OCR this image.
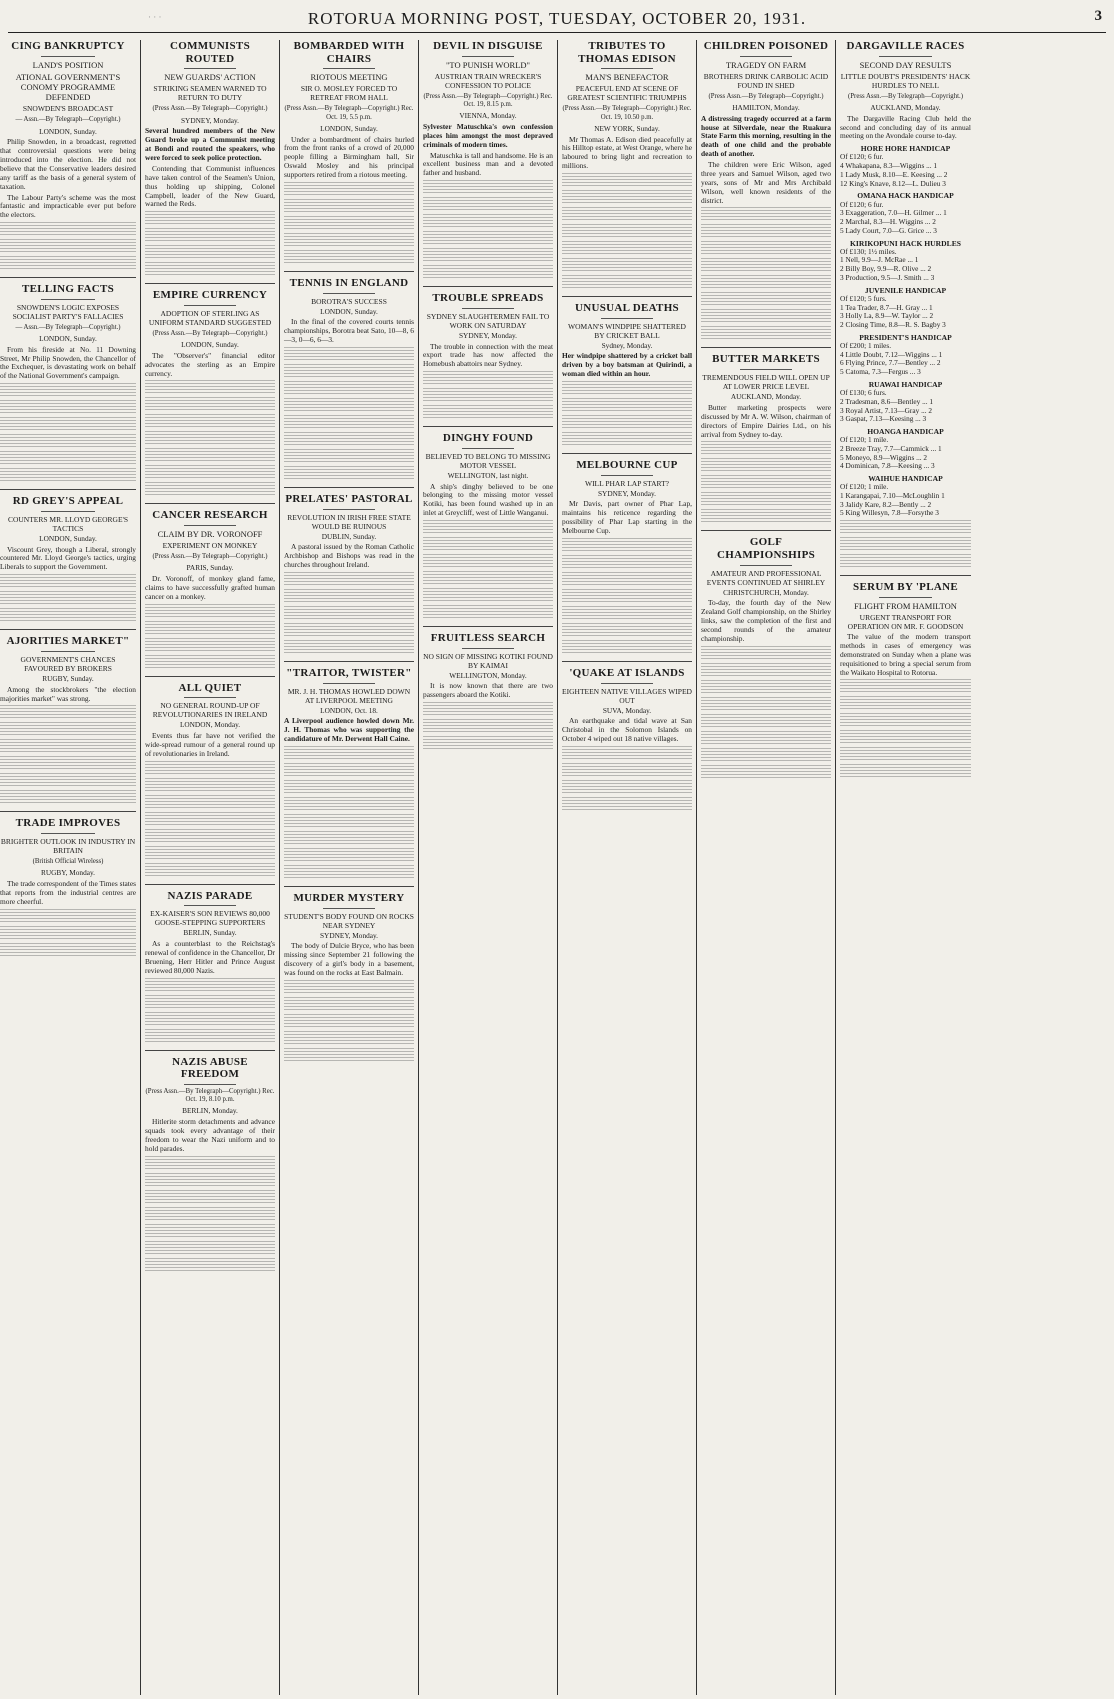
· · ·	ROTORUA MORNING POST, TUESDAY, OCTOBER 20, 1931.	3
CING BANKRUPTCY
LAND'S POSITION
ATIONAL GOVERNMENT'S CONOMY PROGRAMME DEFENDED
SNOWDEN'S BROADCAST
— Assn.—By Telegraph—Copyright.)
LONDON, Sunday.

Philip Snowden, in a broadcast, regretted that controversial questions were being introduced into the election. He did not believe that the Conservative leaders desired any tariff as the basis of a general system of taxation.

The Labour Party's scheme was the most fantastic and impracticable ever put before the electors.

TELLING FACTS
SNOWDEN'S LOGIC EXPOSES SOCIALIST PARTY'S FALLACIES
— Assn.—By Telegraph—Copyright.)
LONDON, Sunday.

From his fireside at No. 11 Downing Street, Mr Philip Snowden, the Chancellor of the Exchequer, is devastating work on behalf of the National Government's campaign.

RD GREY'S APPEAL
COUNTERS MR. LLOYD GEORGE'S TACTICS
LONDON, Sunday.

Viscount Grey, though a Liberal, strongly countered Mr. Lloyd George's tactics, urging Liberals to support the Government.

AJORITIES MARKET"
GOVERNMENT'S CHANCES FAVOURED BY BROKERS
RUGBY, Sunday.

Among the stockbrokers "the election majorities market" was strong.

TRADE IMPROVES
BRIGHTER OUTLOOK IN INDUSTRY IN BRITAIN
(British Official Wireless)
RUGBY, Monday.

The trade correspondent of the Times states that reports from the industrial centres are more cheerful.

COMMUNISTS ROUTED
NEW GUARDS' ACTION
STRIKING SEAMEN WARNED TO RETURN TO DUTY
(Press Assn.—By Telegraph—Copyright.)
SYDNEY, Monday.
Several hundred members of the New Guard broke up a Communist meeting at Bondi and routed the speakers, who were forced to seek police protection.

Contending that Communist influences have taken control of the Seamen's Union, thus holding up shipping, Colonel Campbell, leader of the New Guard, warned the Reds.

EMPIRE CURRENCY
ADOPTION OF STERLING AS UNIFORM STANDARD SUGGESTED
(Press Assn.—By Telegraph—Copyright.)
LONDON, Sunday.

The "Observer's" financial editor advocates the sterling as an Empire currency.

CANCER RESEARCH
CLAIM BY DR. VORONOFF
EXPERIMENT ON MONKEY
(Press Assn.—By Telegraph—Copyright.)
PARIS, Sunday.

Dr. Voronoff, of monkey gland fame, claims to have successfully grafted human cancer on a monkey.

ALL QUIET
NO GENERAL ROUND-UP OF REVOLUTIONARIES IN IRELAND
LONDON, Monday.

Events thus far have not verified the wide-spread rumour of a general round up of revolutionaries in Ireland.

NAZIS PARADE
EX-KAISER'S SON REVIEWS 80,000 GOOSE-STEPPING SUPPORTERS
BERLIN, Sunday.

As a counterblast to the Reichstag's renewal of confidence in the Chancellor, Dr Bruening, Herr Hitler and Prince August reviewed 80,000 Nazis.

NAZIS ABUSE FREEDOM
(Press Assn.—By Telegraph—Copyright.) Rec. Oct. 19, 8.10 p.m.
BERLIN, Monday.

Hitlerite storm detachments and advance squads took every advantage of their freedom to wear the Nazi uniform and to hold parades.

BOMBARDED WITH CHAIRS
RIOTOUS MEETING
SIR O. MOSLEY FORCED TO RETREAT FROM HALL
(Press Assn.—By Telegraph—Copyright.) Rec. Oct. 19, 5.5 p.m.
LONDON, Sunday.

Under a bombardment of chairs hurled from the front ranks of a crowd of 20,000 people filling a Birmingham hall, Sir Oswald Mosley and his principal supporters retired from a riotous meeting.

TENNIS IN ENGLAND
BOROTRA'S SUCCESS
LONDON, Sunday.

In the final of the covered courts tennis championships, Borotra beat Sato, 10—8, 6—3, 0—6, 6—3.

PRELATES' PASTORAL
REVOLUTION IN IRISH FREE STATE WOULD BE RUINOUS
DUBLIN, Sunday.

A pastoral issued by the Roman Catholic Archbishop and Bishops was read in the churches throughout Ireland.

"TRAITOR, TWISTER"
MR. J. H. THOMAS HOWLED DOWN AT LIVERPOOL MEETING
LONDON, Oct. 18.
A Liverpool audience howled down Mr. J. H. Thomas who was supporting the candidature of Mr. Derwent Hall Caine.
MURDER MYSTERY
STUDENT'S BODY FOUND ON ROCKS NEAR SYDNEY
SYDNEY, Monday.

The body of Dulcie Bryce, who has been missing since September 21 following the discovery of a girl's body in a basement, was found on the rocks at East Balmain.

DEVIL IN DISGUISE
"TO PUNISH WORLD"
AUSTRIAN TRAIN WRECKER'S CONFESSION TO POLICE
(Press Assn.—By Telegraph—Copyright.) Rec. Oct. 19, 8.15 p.m.
VIENNA, Monday.
Sylvester Matuschka's own confession places him amongst the most depraved criminals of modern times.

Matuschka is tall and handsome. He is an excellent business man and a devoted father and husband.

TROUBLE SPREADS
SYDNEY SLAUGHTERMEN FAIL TO WORK ON SATURDAY
SYDNEY, Monday.

The trouble in connection with the meat export trade has now affected the Homebush abattoirs near Sydney.

DINGHY FOUND
BELIEVED TO BELONG TO MISSING MOTOR VESSEL
WELLINGTON, last night.

A ship's dinghy believed to be one belonging to the missing motor vessel Kotiki, has been found washed up in an inlet at Greycliff, west of Little Wanganui.

FRUITLESS SEARCH
NO SIGN OF MISSING KOTIKI FOUND BY KAIMAI
WELLINGTON, Monday.

It is now known that there are two passengers aboard the Kotiki.

TRIBUTES TO THOMAS EDISON
MAN'S BENEFACTOR
PEACEFUL END AT SCENE OF GREATEST SCIENTIFIC TRIUMPHS
(Press Assn.—By Telegraph—Copyright.) Rec. Oct. 19, 10.50 p.m.
NEW YORK, Sunday.

Mr Thomas A. Edison died peacefully at his Hilltop estate, at West Orange, where he laboured to bring light and recreation to millions.

UNUSUAL DEATHS
WOMAN'S WINDPIPE SHATTERED BY CRICKET BALL
Sydney, Monday.
Her windpipe shattered by a cricket ball driven by a boy batsman at Quirindi, a woman died within an hour.
MELBOURNE CUP
WILL PHAR LAP START?
SYDNEY, Monday.

Mr Davis, part owner of Phar Lap, maintains his reticence regarding the possibility of Phar Lap starting in the Melbourne Cup.

'QUAKE AT ISLANDS
EIGHTEEN NATIVE VILLAGES WIPED OUT
SUVA, Monday.

An earthquake and tidal wave at San Christobal in the Solomon Islands on October 4 wiped out 18 native villages.

CHILDREN POISONED
TRAGEDY ON FARM
BROTHERS DRINK CARBOLIC ACID FOUND IN SHED
(Press Assn.—By Telegraph—Copyright.)
HAMILTON, Monday.
A distressing tragedy occurred at a farm house at Silverdale, near the Ruakura State Farm this morning, resulting in the death of one child and the probable death of another.

The children were Eric Wilson, aged three years and Samuel Wilson, aged two years, sons of Mr and Mrs Archibald Wilson, well known residents of the district.

BUTTER MARKETS
TREMENDOUS FIELD WILL OPEN UP AT LOWER PRICE LEVEL
AUCKLAND, Monday.

Butter marketing prospects were discussed by Mr A. W. Wilson, chairman of directors of Empire Dairies Ltd., on his arrival from Sydney to-day.

GOLF CHAMPIONSHIPS
AMATEUR AND PROFESSIONAL EVENTS CONTINUED AT SHIRLEY
CHRISTCHURCH, Monday.

To-day, the fourth day of the New Zealand Golf championship, on the Shirley links, saw the completion of the first and second rounds of the amateur championship.

DARGAVILLE RACES
SECOND DAY RESULTS
LITTLE DOUBT'S PRESIDENTS' HACK HURDLES TO NELL
(Press Assn.—By Telegraph—Copyright.)
AUCKLAND, Monday.

The Dargaville Racing Club held the second and concluding day of its annual meeting on the Avondale course to-day.

HORE HORE HANDICAP
Of £120; 6 fur.
4 Whakapana, 8.3—Wiggins ... 1
1 Lady Musk, 8.10—E. Keesing ... 2
12 King's Knave, 8.12—L. Dulieu 3
OMANA HACK HANDICAP
Of £120; 6 fur.
3 Exaggeration, 7.0—H. Gilmer ... 1
2 Marchal, 8.3—H. Wiggins ... 2
5 Lady Court, 7.0—G. Grice ... 3
KIRIKOPUNI HACK HURDLES
Of £130; 1½ miles.
1 Nell, 9.9—J. McRae ... 1
2 Billy Boy, 9.9—R. Olive ... 2
3 Production, 9.5—J. Smith ... 3
JUVENILE HANDICAP
Of £120; 5 furs.
1 Tea Trader, 8.7—H. Gray ... 1
3 Holly La, 8.9—W. Taylor ... 2
2 Closing Time, 8.8—R. S. Bagby 3
PRESIDENT'S HANDICAP
Of £200; 1 miles.
4 Little Doubt, 7.12—Wiggins ... 1
6 Flying Prince, 7.7—Bentley ... 2
5 Catoma, 7.3—Fergus ... 3
RUAWAI HANDICAP
Of £130; 6 furs.
2 Tradesman, 8.6—Bentley ... 1
3 Royal Artist, 7.13—Gray ... 2
3 Gaspat, 7.13—Keesing ... 3
HOANGA HANDICAP
Of £120; 1 mile.
2 Breeze Tray, 7.7—Cammick ... 1
5 Moneyo, 8.9—Wiggins ... 2
4 Dominican, 7.8—Keesing ... 3
WAIHUE HANDICAP
Of £120; 1 mile.
1 Karangapai, 7.10—McLoughlin 1
3 Jalidy Kare, 8.2—Bently ... 2
5 King Willesyn, 7.8—Forsythe 3
SERUM BY 'PLANE
FLIGHT FROM HAMILTON
URGENT TRANSPORT FOR OPERATION ON MR. F. GOODSON

The value of the modern transport methods in cases of emergency was demonstrated on Sunday when a plane was requisitioned to bring a special serum from the Waikato Hospital to Rotorua.
